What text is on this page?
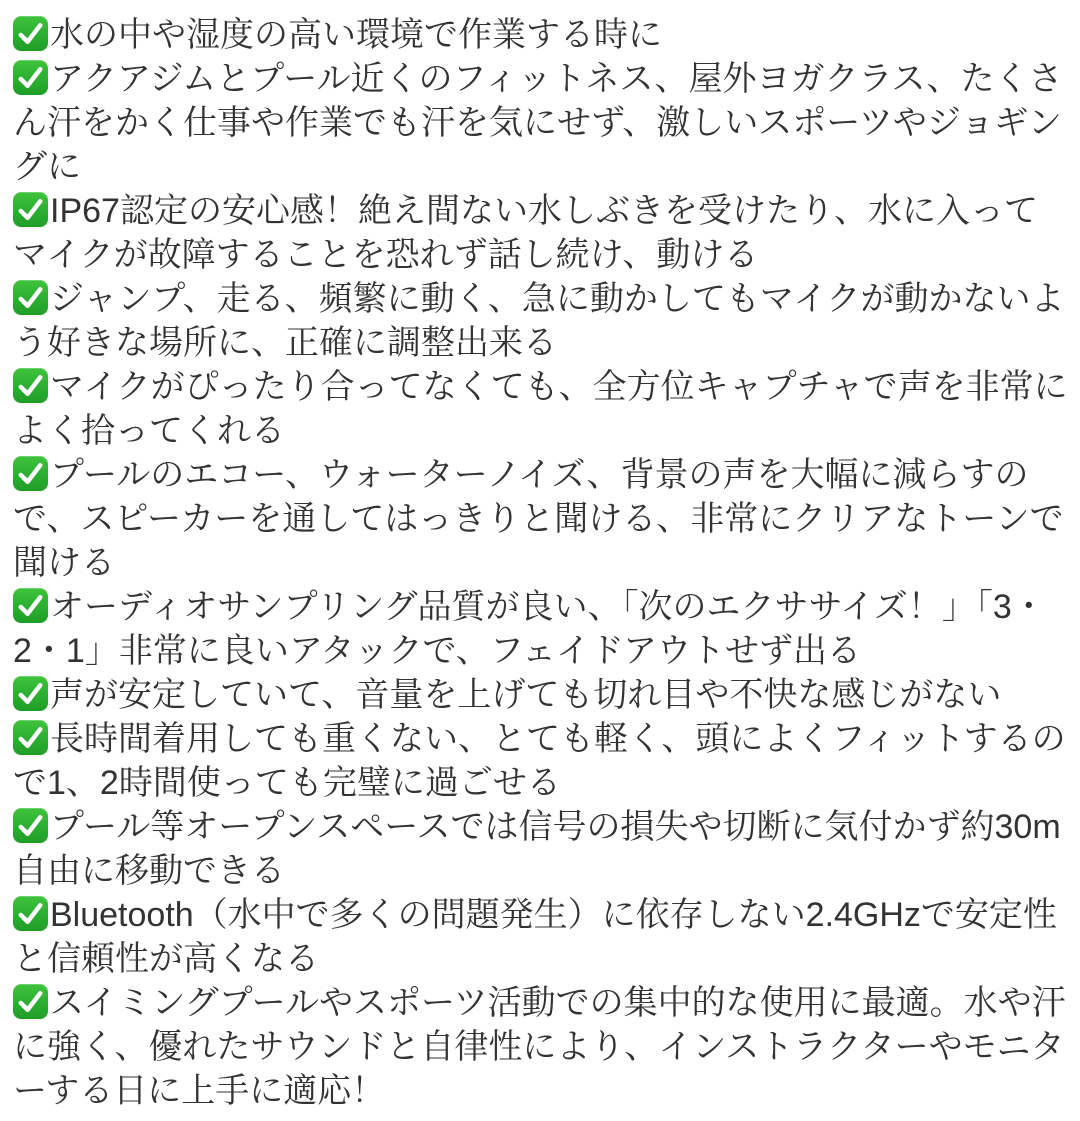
水の中や湿度の高い環境で作業する時に
アクアジムとプール近くのフィットネス、屋外ヨガクラス、たくさん汗をかく仕事や作業でも汗を気にせず、激しいスポーツやジョギングに
IP67認定の安心感！絶え間ない水しぶきを受けたり、水に入ってマイクが故障することを恐れず話し続け、動ける
ジャンプ、走る、頻繁に動く、急に動かしてもマイクが動かないよう好きな場所に、正確に調整出来る
マイクがぴったり合ってなくても、全方位キャプチャで声を非常によく拾ってくれる
プールのエコー、ウォーターノイズ、背景の声を大幅に減らすので、スピーカーを通してはっきりと聞ける、非常にクリアなトーンで聞ける
オーディオサンプリング品質が良い、「次のエクササイズ！」「3・2・1」非常に良いアタックで、フェイドアウトせず出る
声が安定していて、音量を上げても切れ目や不快な感じがない
長時間着用しても重くない、とても軽く、頭によくフィットするので1、2時間使っても完璧に過ごせる
プール等オープンスペースでは信号の損失や切断に気付かず約30m自由に移動できる
Bluetooth（水中で多くの問題発生）に依存しない2.4GHzで安定性と信頼性が高くなる
スイミングプールやスポーツ活動での集中的な使用に最適。水や汗に強く、優れたサウンドと自律性により、インストラクターやモニターする日に上手に適応！
